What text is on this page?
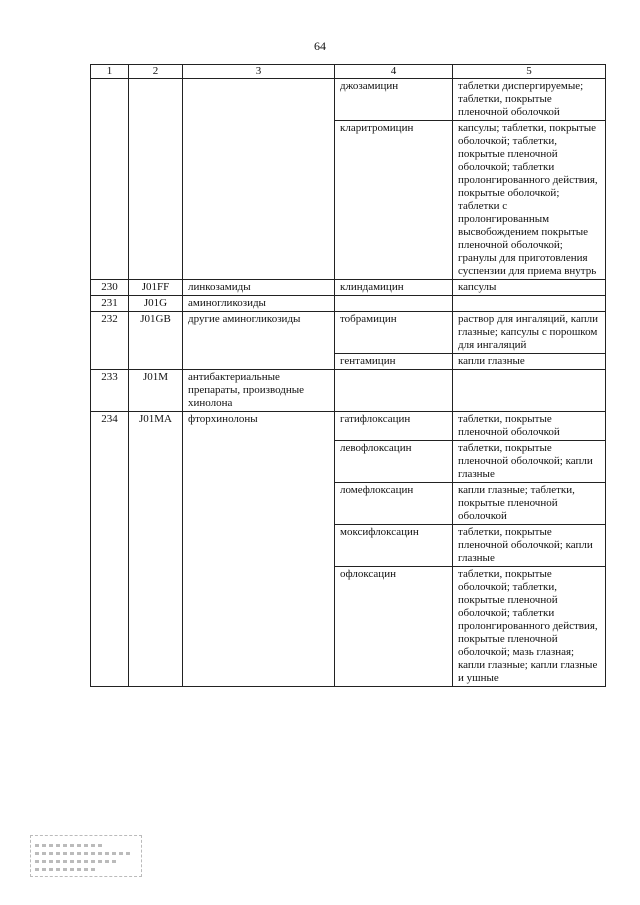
64
1	2	3	4	5
			джозамицин	таблетки диспергируемые; таблетки, покрытые пленочной оболочкой
			кларитромицин	капсулы; таблетки, покрытые оболочкой; таблетки, покрытые пленочной оболочкой; таблетки пролонгированного действия, покрытые оболочкой; таблетки с пролонгированным высвобождением покрытые пленочной оболочкой; гранулы для приготовления суспензии для приема внутрь
230	J01FF	линкозамиды	клиндамицин	капсулы
231	J01G	аминогликозиды		
232	J01GB	другие аминогликозиды	тобрамицин	раствор для ингаляций, капли глазные; капсулы с порошком для ингаляций
			гентамицин	капли глазные
233	J01M	антибактериальные препараты, производные хинолона		
234	J01MA	фторхинолоны	гатифлоксацин	таблетки, покрытые пленочной оболочкой
			левофлоксацин	таблетки, покрытые пленочной оболочкой; капли глазные
			ломефлоксацин	капли глазные; таблетки, покрытые пленочной оболочкой
			моксифлоксацин	таблетки, покрытые пленочной оболочкой; капли глазные
			офлоксацин	таблетки, покрытые оболочкой; таблетки, покрытые пленочной оболочкой; таблетки пролонгированного действия, покрытые пленочной оболочкой; мазь глазная; капли глазные; капли глазные и ушные
